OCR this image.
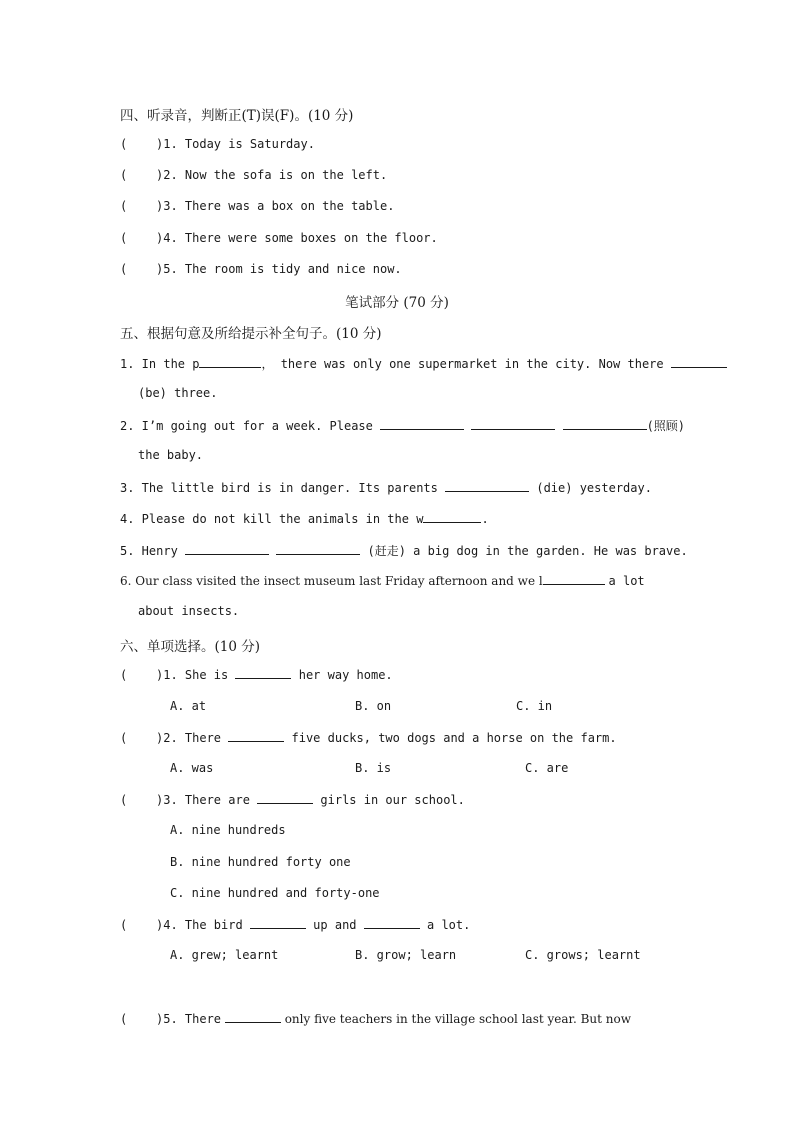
四、听录音，判断正(T)误(F)。(10 分)
( )1. Today is Saturday.
( )2. Now the sofa is on the left.
( )3. There was a box on the table.
( )4. There were some boxes on the floor.
( )5. The room is tidy and nice now.
笔试部分 (70 分)
五、根据句意及所给提示补全句子。(10 分)
1. In the p	， there was only one supermarket in the city. Now there
(be) three.
2. I’m going out for a week. Please	(照顾)
the baby.
3. The little bird is in danger. Its parents	(die) yesterday.
4. Please do not kill the animals in the w	.
5. Henry	(赶走) a big dog in the garden. He was brave.
6. Our class visited the insect museum last Friday afternoon and we l	a lot
about insects.
六、单项选择。(10 分)
( )1. She is	her way home.
A. at	B. on	C. in
( )2. There	five ducks, two dogs and a horse on the farm.
A. was	B. is	C. are
( )3. There are	girls in our school.
A. nine hundreds
B. nine hundred forty one
C. nine hundred and forty-one
( )4. The bird	up and	a lot.
A. grew; learnt	B. grow; learn	C. grows; learnt
( )5. There	only five teachers in the village school last year. But now
